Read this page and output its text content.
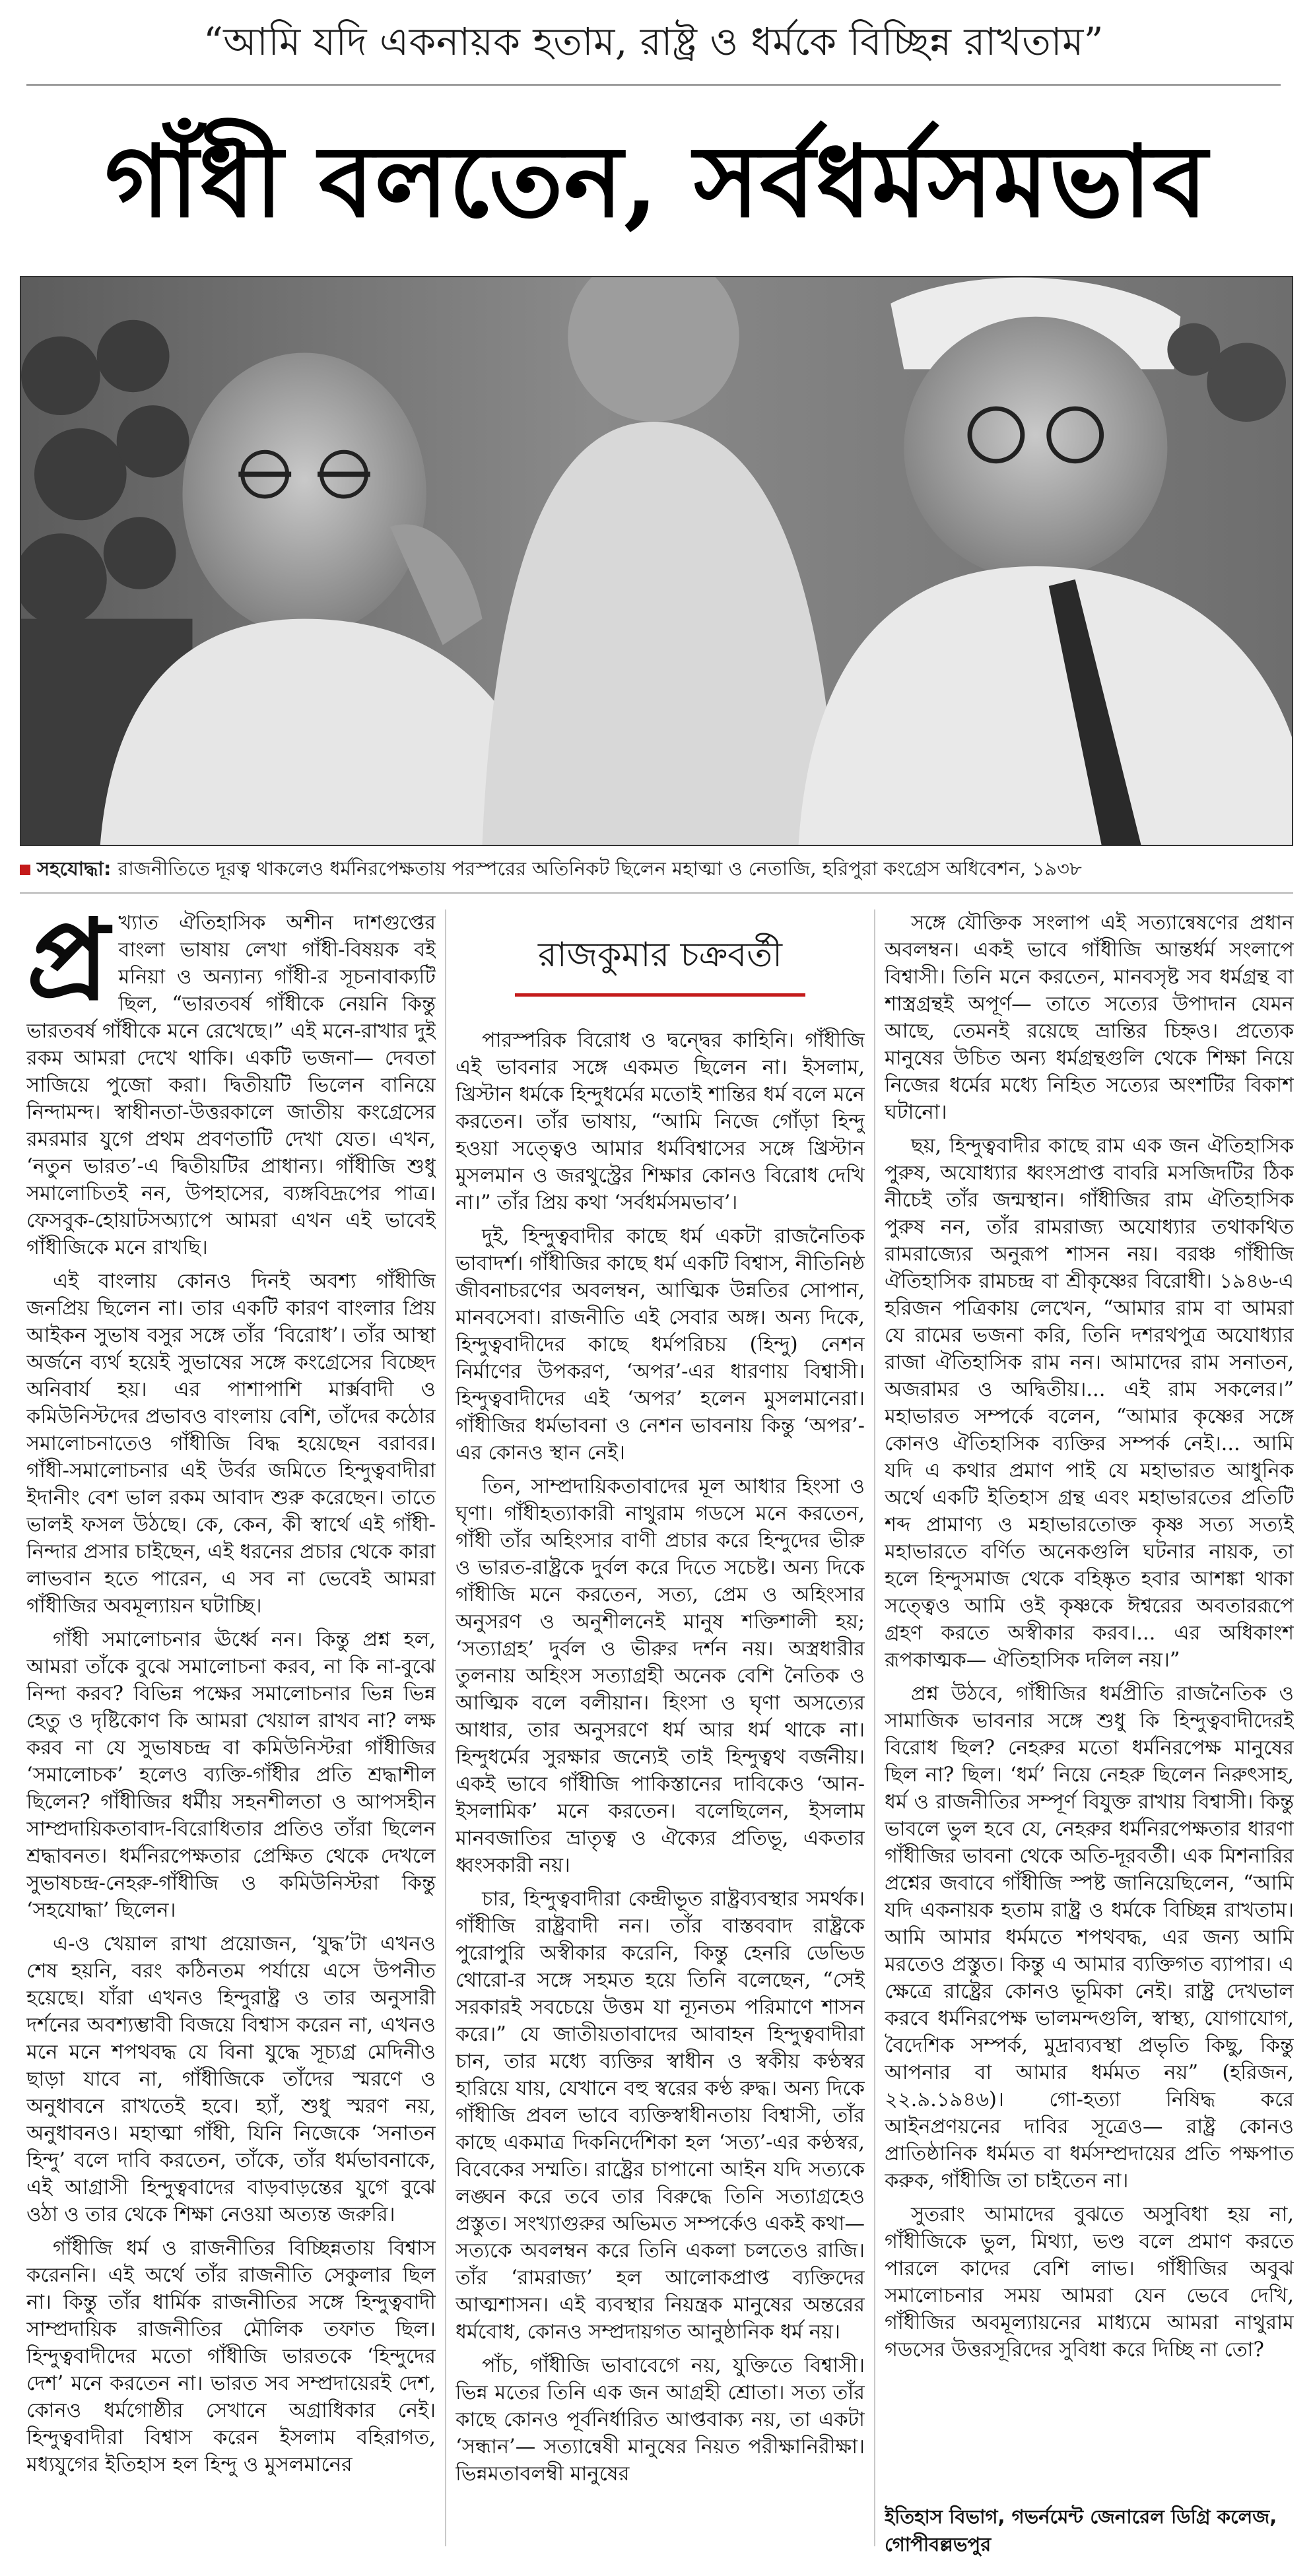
“আমি যদি একনায়ক হতাম, রাষ্ট্র ও ধর্মকে বিচ্ছিন্ন রাখতাম”
গাঁধী বলতেন, সর্বধর্মসমভাব
সহযোদ্ধা: রাজনীতিতে দূরত্ব থাকলেও ধর্মনিরপেক্ষতায় পরস্পরের অতিনিকট ছিলেন মহাত্মা ও নেতাজি, হরিপুরা কংগ্রেস অধিবেশন, ১৯৩৮

প্র খ্যাত ঐতিহাসিক অশীন দাশগুপ্তের বাংলা ভাষায় লেখা গাঁধী-বিষয়ক বই মনিয়া ও অন্যান্য গাঁধী-র সূচনাবাক্যটি ছিল, “ভারতবর্ষ গাঁধীকে নেয়নি কিন্তু ভারতবর্ষ গাঁধীকে মনে রেখেছে।” এই মনে-রাখার দুই রকম আমরা দেখে থাকি। একটি ভজনা— দেবতা সাজিয়ে পুজো করা। দ্বিতীয়টি ভিলেন বানিয়ে নিন্দামন্দ। স্বাধীনতা-উত্তরকালে জাতীয় কংগ্রেসের রমরমার যুগে প্রথম প্রবণতাটি দেখা যেত। এখন, ‘নতুন ভারত’-এ দ্বিতীয়টির প্রাধান্য। গাঁধীজি শুধু সমালোচিতই নন, উপহাসের, ব্যঙ্গবিদ্রূপের পাত্র। ফেসবুক-হোয়াটসঅ্যাপে আমরা এখন এই ভাবেই গাঁধীজিকে মনে রাখছি।

এই বাংলায় কোনও দিনই অবশ্য গাঁধীজি জনপ্রিয় ছিলেন না। তার একটি কারণ বাংলার প্রিয় আইকন সুভাষ বসুর সঙ্গে তাঁর ‘বিরোধ’। তাঁর আস্থা অর্জনে ব্যর্থ হয়েই সুভাষের সঙ্গে কংগ্রেসের বিচ্ছেদ অনিবার্য হয়। এর পাশাপাশি মার্ক্সবাদী ও কমিউনিস্টদের প্রভাবও বাংলায় বেশি, তাঁদের কঠোর সমালোচনাতেও গাঁধীজি বিদ্ধ হয়েছেন বরাবর। গাঁধী-সমালোচনার এই উর্বর জমিতে হিন্দুত্ববাদীরা ইদানীং বেশ ভাল রকম আবাদ শুরু করেছেন। তাতে ভালই ফসল উঠছে। কে, কেন, কী স্বার্থে এই গাঁধী-নিন্দার প্রসার চাইছেন, এই ধরনের প্রচার থেকে কারা লাভবান হতে পারেন, এ সব না ভেবেই আমরা গাঁধীজির অবমূল্যায়ন ঘটাচ্ছি।

গাঁধী সমালোচনার ঊর্ধ্বে নন। কিন্তু প্রশ্ন হল, আমরা তাঁকে বুঝে সমালোচনা করব, না কি না-বুঝে নিন্দা করব? বিভিন্ন পক্ষের সমালোচনার ভিন্ন ভিন্ন হেতু ও দৃষ্টিকোণ কি আমরা খেয়াল রাখব না? লক্ষ করব না যে সুভাষচন্দ্র বা কমিউনিস্টরা গাঁধীজির ‘সমালোচক’ হলেও ব্যক্তি-গাঁধীর প্রতি শ্রদ্ধাশীল ছিলেন? গাঁধীজির ধর্মীয় সহনশীলতা ও আপসহীন সাম্প্রদায়িকতাবাদ-বিরোধিতার প্রতিও তাঁরা ছিলেন শ্রদ্ধাবনত। ধর্মনিরপেক্ষতার প্রেক্ষিত থেকে দেখলে সুভাষচন্দ্র-নেহরু-গাঁধীজি ও কমিউনিস্টরা কিন্তু ‘সহযোদ্ধা’ ছিলেন।

এ-ও খেয়াল রাখা প্রয়োজন, ‘যুদ্ধ’টা এখনও শেষ হয়নি, বরং কঠিনতম পর্যায়ে এসে উপনীত হয়েছে। যাঁরা এখনও হিন্দুরাষ্ট্র ও তার অনুসারী দর্শনের অবশ্যম্ভাবী বিজয়ে বিশ্বাস করেন না, এখনও মনে মনে শপথবদ্ধ যে বিনা যুদ্ধে সূচ্যগ্র মেদিনীও ছাড়া যাবে না, গাঁধীজিকে তাঁদের স্মরণে ও অনুধাবনে রাখতেই হবে। হ্যাঁ, শুধু স্মরণ নয়, অনুধাবনও। মহাত্মা গাঁধী, যিনি নিজেকে ‘সনাতন হিন্দু’ বলে দাবি করতেন, তাঁকে, তাঁর ধর্মভাবনাকে, এই আগ্রাসী হিন্দুত্ববাদের বাড়বাড়ন্তের যুগে বুঝে ওঠা ও তার থেকে শিক্ষা নেওয়া অত্যন্ত জরুরি।

গাঁধীজি ধর্ম ও রাজনীতির বিচ্ছিন্নতায় বিশ্বাস করেননি। এই অর্থে তাঁর রাজনীতি সেকুলার ছিল না। কিন্তু তাঁর ধার্মিক রাজনীতির সঙ্গে হিন্দুত্ববাদী সাম্প্রদায়িক রাজনীতির মৌলিক তফাত ছিল। হিন্দুত্ববাদীদের মতো গাঁধীজি ভারতকে ‘হিন্দুদের দেশ’ মনে করতেন না। ভারত সব সম্প্রদায়েরই দেশ, কোনও ধর্মগোষ্ঠীর সেখানে অগ্রাধিকার নেই। হিন্দুত্ববাদীরা বিশ্বাস করেন ইসলাম বহিরাগত, মধ্যযুগের ইতিহাস হল হিন্দু ও মুসলমানের

রাজকুমার চক্রবর্তী

পারস্পরিক বিরোধ ও দ্বন্দ্বের কাহিনি। গাঁধীজি এই ভাবনার সঙ্গে একমত ছিলেন না। ইসলাম, খ্রিস্টান ধর্মকে হিন্দুধর্মের মতোই শান্তির ধর্ম বলে মনে করতেন। তাঁর ভাষায়, “আমি নিজে গোঁড়া হিন্দু হওয়া সত্ত্বেও আমার ধর্মবিশ্বাসের সঙ্গে খ্রিস্টান মুসলমান ও জরথুস্ট্রের শিক্ষার কোনও বিরোধ দেখি না।” তাঁর প্রিয় কথা ‘সর্বধর্মসমভাব’।

দুই, হিন্দুত্ববাদীর কাছে ধর্ম একটা রাজনৈতিক ভাবাদর্শ। গাঁধীজির কাছে ধর্ম একটি বিশ্বাস, নীতিনিষ্ঠ জীবনাচরণের অবলম্বন, আত্মিক উন্নতির সোপান, মানবসেবা। রাজনীতি এই সেবার অঙ্গ। অন্য দিকে, হিন্দুত্ববাদীদের কাছে ধর্মপরিচয় (হিন্দু) নেশন নির্মাণের উপকরণ, ‘অপর’-এর ধারণায় বিশ্বাসী। হিন্দুত্ববাদীদের এই ‘অপর’ হলেন মুসলমানেরা। গাঁধীজির ধর্মভাবনা ও নেশন ভাবনায় কিন্তু ‘অপর’-এর কোনও স্থান নেই।

তিন, সাম্প্রদায়িকতাবাদের মূল আধার হিংসা ও ঘৃণা। গাঁধীহত্যাকারী নাথুরাম গডসে মনে করতেন, গাঁধী তাঁর অহিংসার বাণী প্রচার করে হিন্দুদের ভীরু ও ভারত-রাষ্ট্রকে দুর্বল করে দিতে সচেষ্ট। অন্য দিকে গাঁধীজি মনে করতেন, সত্য, প্রেম ও অহিংসার অনুসরণ ও অনুশীলনেই মানুষ শক্তিশালী হয়; ‘সত্যাগ্রহ’ দুর্বল ও ভীরুর দর্শন নয়। অস্ত্রধারীর তুলনায় অহিংস সত্যাগ্রহী অনেক বেশি নৈতিক ও আত্মিক বলে বলীয়ান। হিংসা ও ঘৃণা অসত্যের আধার, তার অনুসরণে ধর্ম আর ধর্ম থাকে না। হিন্দুধর্মের সুরক্ষার জন্যেই তাই হিন্দুত্বথ বর্জনীয়। একই ভাবে গাঁধীজি পাকিস্তানের দাবিকেও ‘আন-ইসলামিক’ মনে করতেন। বলেছিলেন, ইসলাম মানবজাতির ভ্রাতৃত্ব ও ঐক্যের প্রতিভূ, একতার ধ্বংসকারী নয়।

চার, হিন্দুত্ববাদীরা কেন্দ্রীভূত রাষ্ট্রব্যবস্থার সমর্থক। গাঁধীজি রাষ্ট্রবাদী নন। তাঁর বাস্তববাদ রাষ্ট্রকে পুরোপুরি অস্বীকার করেনি, কিন্তু হেনরি ডেভিড থোরো-র সঙ্গে সহমত হয়ে তিনি বলেছেন, “সেই সরকারই সবচেয়ে উত্তম যা ন্যূনতম পরিমাণে শাসন করে।” যে জাতীয়তাবাদের আবাহন হিন্দুত্ববাদীরা চান, তার মধ্যে ব্যক্তির স্বাধীন ও স্বকীয় কণ্ঠস্বর হারিয়ে যায়, যেখানে বহু স্বরের কণ্ঠ রুদ্ধ। অন্য দিকে গাঁধীজি প্রবল ভাবে ব্যক্তিস্বাধীনতায় বিশ্বাসী, তাঁর কাছে একমাত্র দিকনির্দেশিকা হল ‘সত্য’-এর কণ্ঠস্বর, বিবেকের সম্মতি। রাষ্ট্রের চাপানো আইন যদি সত্যকে লঙ্ঘন করে তবে তার বিরুদ্ধে তিনি সত্যাগ্রহেও প্রস্তুত। সংখ্যাগুরুর অভিমত সম্পর্কেও একই কথা— সত্যকে অবলম্বন করে তিনি একলা চলতেও রাজি। তাঁর ‘রামরাজ্য’ হল আলোকপ্রাপ্ত ব্যক্তিদের আত্মশাসন। এই ব্যবস্থার নিয়ন্ত্রক মানুষের অন্তরের ধর্মবোধ, কোনও সম্প্রদায়গত আনুষ্ঠানিক ধর্ম নয়।

পাঁচ, গাঁধীজি ভাবাবেগে নয়, যুক্তিতে বিশ্বাসী। ভিন্ন মতের তিনি এক জন আগ্রহী শ্রোতা। সত্য তাঁর কাছে কোনও পূর্বনির্ধারিত আপ্তবাক্য নয়, তা একটা ‘সন্ধান’— সত্যান্বেষী মানুষের নিয়ত পরীক্ষানিরীক্ষা। ভিন্নমতাবলম্বী মানুষের

সঙ্গে যৌক্তিক সংলাপ এই সত্যান্বেষণের প্রধান অবলম্বন। একই ভাবে গাঁধীজি আন্তর্ধর্ম সংলাপে বিশ্বাসী। তিনি মনে করতেন, মানবসৃষ্ট সব ধর্মগ্রন্থ বা শাস্ত্রগ্রন্থই অপূর্ণ— তাতে সত্যের উপাদান যেমন আছে, তেমনই রয়েছে ভ্রান্তির চিহ্নও। প্রত্যেক মানুষের উচিত অন্য ধর্মগ্রন্থগুলি থেকে শিক্ষা নিয়ে নিজের ধর্মের মধ্যে নিহিত সত্যের অংশটির বিকাশ ঘটানো।

ছয়, হিন্দুত্ববাদীর কাছে রাম এক জন ঐতিহাসিক পুরুষ, অযোধ্যার ধ্বংসপ্রাপ্ত বাবরি মসজিদটির ঠিক নীচেই তাঁর জন্মস্থান। গাঁধীজির রাম ঐতিহাসিক পুরুষ নন, তাঁর রামরাজ্য অযোধ্যার তথাকথিত রামরাজ্যের অনুরূপ শাসন নয়। বরঞ্চ গাঁধীজি ঐতিহাসিক রামচন্দ্র বা শ্রীকৃষ্ণের বিরোধী। ১৯৪৬-এ হরিজন পত্রিকায় লেখেন, “আমার রাম বা আমরা যে রামের ভজনা করি, তিনি দশরথপুত্র অযোধ্যার রাজা ঐতিহাসিক রাম নন। আমাদের রাম সনাতন, অজরামর ও অদ্বিতীয়।... এই রাম সকলের।” মহাভারত সম্পর্কে বলেন, “আমার কৃষ্ণের সঙ্গে কোনও ঐতিহাসিক ব্যক্তির সম্পর্ক নেই।... আমি যদি এ কথার প্রমাণ পাই যে মহাভারত আধুনিক অর্থে একটি ইতিহাস গ্রন্থ এবং মহাভারতের প্রতিটি শব্দ প্রামাণ্য ও মহাভারতোক্ত কৃষ্ণ সত্য সত্যই মহাভারতে বর্ণিত অনেকগুলি ঘটনার নায়ক, তা হলে হিন্দুসমাজ থেকে বহিষ্কৃত হবার আশঙ্কা থাকা সত্ত্বেও আমি ওই কৃষ্ণকে ঈশ্বরের অবতাররূপে গ্রহণ করতে অস্বীকার করব।... এর অধিকাংশ রূপকাত্মক— ঐতিহাসিক দলিল নয়।”

প্রশ্ন উঠবে, গাঁধীজির ধর্মপ্রীতি রাজনৈতিক ও সামাজিক ভাবনার সঙ্গে শুধু কি হিন্দুত্ববাদীদেরই বিরোধ ছিল? নেহরুর মতো ধর্মনিরপেক্ষ মানুষের ছিল না? ছিল। ‘ধর্ম’ নিয়ে নেহরু ছিলেন নিরুৎসাহ, ধর্ম ও রাজনীতির সম্পূর্ণ বিযুক্ত রাখায় বিশ্বাসী। কিন্তু ভাবলে ভুল হবে যে, নেহরুর ধর্মনিরপেক্ষতার ধারণা গাঁধীজির ভাবনা থেকে অতি-দূরবর্তী। এক মিশনারির প্রশ্নের জবাবে গাঁধীজি স্পষ্ট জানিয়েছিলেন, “আমি যদি একনায়ক হতাম রাষ্ট্র ও ধর্মকে বিচ্ছিন্ন রাখতাম। আমি আমার ধর্মমতে শপথবদ্ধ, এর জন্য আমি মরতেও প্রস্তুত। কিন্তু এ আমার ব্যক্তিগত ব্যাপার। এ ক্ষেত্রে রাষ্ট্রের কোনও ভূমিকা নেই। রাষ্ট্র দেখভাল করবে ধর্মনিরপেক্ষ ভালমন্দগুলি, স্বাস্থ্য, যোগাযোগ, বৈদেশিক সম্পর্ক, মুদ্রাব্যবস্থা প্রভৃতি কিছু, কিন্তু আপনার বা আমার ধর্মমত নয়” (হরিজন, ২২.৯.১৯৪৬)। গো-হত্যা নিষিদ্ধ করে আইনপ্রণয়নের দাবির সূত্রেও— রাষ্ট্র কোনও প্রাতিষ্ঠানিক ধর্মমত বা ধর্মসম্প্রদায়ের প্রতি পক্ষপাত করুক, গাঁধীজি তা চাইতেন না।

সুতরাং আমাদের বুঝতে অসুবিধা হয় না, গাঁধীজিকে ভুল, মিথ্যা, ভণ্ড বলে প্রমাণ করতে পারলে কাদের বেশি লাভ। গাঁধীজির অবুঝ সমালোচনার সময় আমরা যেন ভেবে দেখি, গাঁধীজির অবমূল্যায়নের মাধ্যমে আমরা নাথুরাম গডসের উত্তরসূরিদের সুবিধা করে দিচ্ছি না তো?

ইতিহাস বিভাগ, গভর্নমেন্ট জেনারেল ডিগ্রি কলেজ, গোপীবল্লভপুর
